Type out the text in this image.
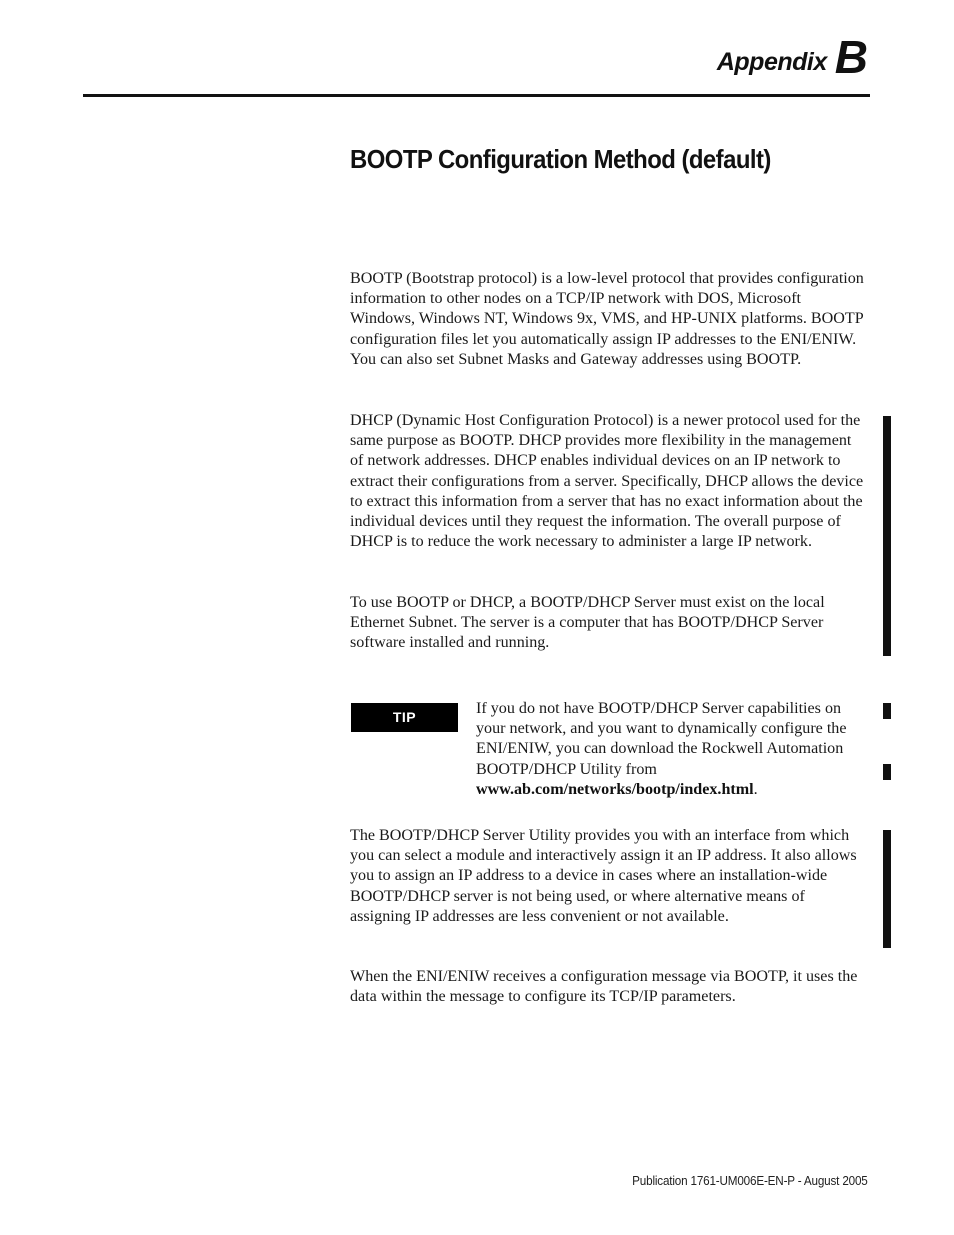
Appendix B
BOOTP Configuration Method (default)

BOOTP (Bootstrap protocol) is a low-level protocol that provides configuration information to other nodes on a TCP/IP network with DOS, Microsoft Windows, Windows NT, Windows 9x, VMS, and HP-UNIX platforms. BOOTP configuration files let you automatically assign IP addresses to the ENI/ENIW. You can also set Subnet Masks and Gateway addresses using BOOTP.

DHCP (Dynamic Host Configuration Protocol) is a newer protocol used for the same purpose as BOOTP. DHCP provides more flexibility in the management of network addresses. DHCP enables individual devices on an IP network to extract their configurations from a server. Specifically, DHCP allows the device to extract this information from a server that has no exact information about the individual devices until they request the information. The overall purpose of DHCP is to reduce the work necessary to administer a large IP network.

To use BOOTP or DHCP, a BOOTP/DHCP Server must exist on the local Ethernet Subnet. The server is a computer that has BOOTP/DHCP Server software installed and running.

TIP	If you do not have BOOTP/DHCP Server capabilities on your network, and you want to dynamically configure the ENI/ENIW, you can download the Rockwell Automation BOOTP/DHCP Utility from www.ab.com/networks/bootp/index.html.

The BOOTP/DHCP Server Utility provides you with an interface from which you can select a module and interactively assign it an IP address. It also allows you to assign an IP address to a device in cases where an installation-wide BOOTP/DHCP server is not being used, or where alternative means of assigning IP addresses are less convenient or not available.

When the ENI/ENIW receives a configuration message via BOOTP, it uses the data within the message to configure its TCP/IP parameters.

Publication 1761-UM006E-EN-P - August 2005
